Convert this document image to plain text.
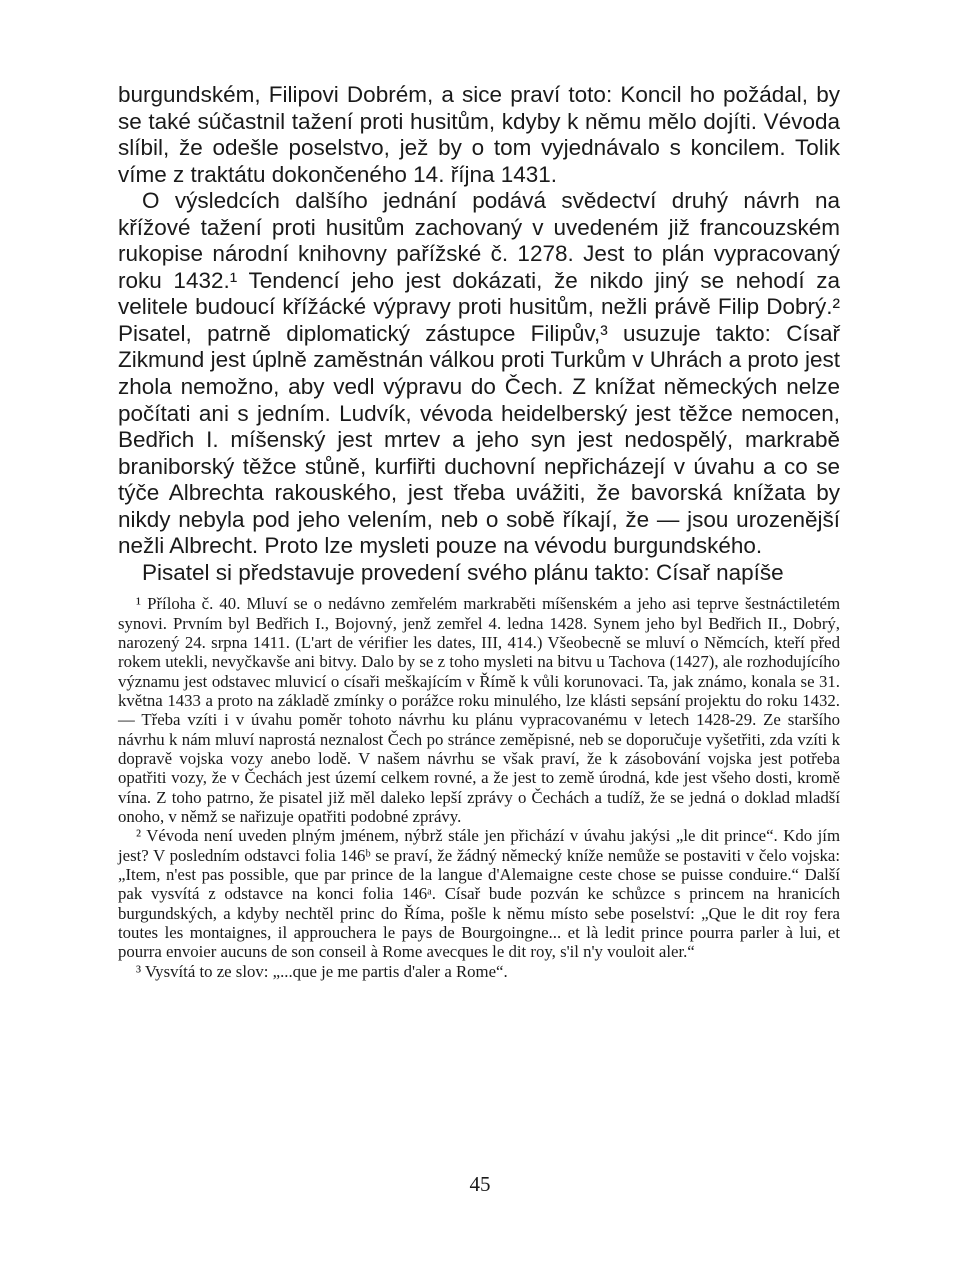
burgundském, Filipovi Dobrém, a sice praví toto: Koncil ho požádal, by se také súčastnil tažení proti husitům, kdyby k němu mělo dojíti. Vévoda slíbil, že odešle poselstvo, jež by o tom vyjednávalo s koncilem. Tolik víme z traktátu dokončeného 14. října 1431.

O výsledcích dalšího jednání podává svědectví druhý návrh na křížové tažení proti husitům zachovaný v uvedeném již francouzském rukopise národní knihovny pařížské č. 1278. Jest to plán vypracovaný roku 1432.¹ Tendencí jeho jest dokázati, že nikdo jiný se nehodí za velitele budoucí křížácké výpravy proti husitům, nežli právě Filip Dobrý.² Pisatel, patrně diplomatický zástupce Filipův,³ usuzuje takto: Císař Zikmund jest úplně zaměstnán válkou proti Turkům v Uhrách a proto jest zhola nemožno, aby vedl výpravu do Čech. Z knížat německých nelze počítati ani s jedním. Ludvík, vévoda heidelberský jest těžce nemocen, Bedřich I. míšenský jest mrtev a jeho syn jest nedospělý, markrabě braniborský těžce stůně, kurfiřti duchovní nepřicházejí v úvahu a co se týče Albrechta rakouského, jest třeba uvážiti, že bavorská knížata by nikdy nebyla pod jeho velením, neb o sobě říkají, že — jsou urozenější nežli Albrecht. Proto lze mysleti pouze na vévodu burgundského.

Pisatel si představuje provedení svého plánu takto: Císař napíše

¹ Příloha č. 40. Mluví se o nedávno zemřelém markraběti míšenském a jeho asi teprve šestnáctiletém synovi. Prvním byl Bedřich I., Bojovný, jenž zemřel 4. ledna 1428. Synem jeho byl Bedřich II., Dobrý, narozený 24. srpna 1411. (L'art de vérifier les dates, III, 414.) Všeobecně se mluví o Němcích, kteří před rokem utekli, nevyčkavše ani bitvy. Dalo by se z toho mysleti na bitvu u Tachova (1427), ale rozhodujícího významu jest odstavec mluvicí o císaři meškajícím v Římě k vůli korunovaci. Ta, jak známo, konala se 31. května 1433 a proto na základě zmínky o porážce roku minulého, lze klásti sepsání projektu do roku 1432. — Třeba vzíti i v úvahu poměr tohoto návrhu ku plánu vypracovanému v letech 1428-29. Ze staršího návrhu k nám mluví naprostá neznalost Čech po stránce zeměpisné, neb se doporučuje vyšetřiti, zda vzíti k dopravě vojska vozy anebo lodě. V našem návrhu se však praví, že k zásobování vojska jest potřeba opatřiti vozy, že v Čechách jest území celkem rovné, a že jest to země úrodná, kde jest všeho dosti, kromě vína. Z toho patrno, že pisatel již měl daleko lepší zprávy o Čechách a tudíž, že se jedná o doklad mladší onoho, v němž se nařizuje opatřiti podobné zprávy.

² Vévoda není uveden plným jménem, nýbrž stále jen přichází v úvahu jakýsi „le dit prince“. Kdo jím jest? V posledním odstavci folia 146ᵇ se praví, že žádný německý kníže nemůže se postaviti v čelo vojska: „Item, n'est pas possible, que par prince de la langue d'Alemaigne ceste chose se puisse conduire.“ Další pak vysvítá z odstavce na konci folia 146ᵃ. Císař bude pozván ke schůzce s princem na hranicích burgundských, a kdyby nechtěl princ do Říma, pošle k němu místo sebe poselství: „Que le dit roy fera toutes les montaignes, il approuchera le pays de Bourgoingne... et là ledit prince pourra parler à lui, et pourra envoier aucuns de son conseil à Rome avecques le dit roy, s'il n'y vouloit aler.“

³ Vysvítá to ze slov: „...que je me partis d'aler a Rome“.

45
